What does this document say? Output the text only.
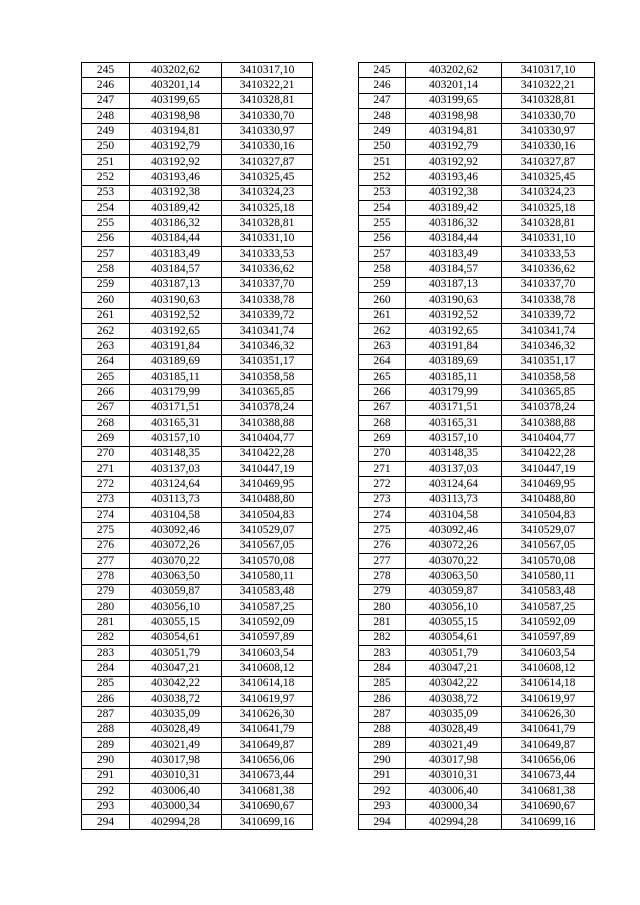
245	403202,62	3410317,10
246	403201,14	3410322,21
247	403199,65	3410328,81
248	403198,98	3410330,70
249	403194,81	3410330,97
250	403192,79	3410330,16
251	403192,92	3410327,87
252	403193,46	3410325,45
253	403192,38	3410324,23
254	403189,42	3410325,18
255	403186,32	3410328,81
256	403184,44	3410331,10
257	403183,49	3410333,53
258	403184,57	3410336,62
259	403187,13	3410337,70
260	403190,63	3410338,78
261	403192,52	3410339,72
262	403192,65	3410341,74
263	403191,84	3410346,32
264	403189,69	3410351,17
265	403185,11	3410358,58
266	403179,99	3410365,85
267	403171,51	3410378,24
268	403165,31	3410388,88
269	403157,10	3410404,77
270	403148,35	3410422,28
271	403137,03	3410447,19
272	403124,64	3410469,95
273	403113,73	3410488,80
274	403104,58	3410504,83
275	403092,46	3410529,07
276	403072,26	3410567,05
277	403070,22	3410570,08
278	403063,50	3410580,11
279	403059,87	3410583,48
280	403056,10	3410587,25
281	403055,15	3410592,09
282	403054,61	3410597,89
283	403051,79	3410603,54
284	403047,21	3410608,12
285	403042,22	3410614,18
286	403038,72	3410619,97
287	403035,09	3410626,30
288	403028,49	3410641,79
289	403021,49	3410649,87
290	403017,98	3410656,06
291	403010,31	3410673,44
292	403006,40	3410681,38
293	403000,34	3410690,67
294	402994,28	3410699,16
245	403202,62	3410317,10
246	403201,14	3410322,21
247	403199,65	3410328,81
248	403198,98	3410330,70
249	403194,81	3410330,97
250	403192,79	3410330,16
251	403192,92	3410327,87
252	403193,46	3410325,45
253	403192,38	3410324,23
254	403189,42	3410325,18
255	403186,32	3410328,81
256	403184,44	3410331,10
257	403183,49	3410333,53
258	403184,57	3410336,62
259	403187,13	3410337,70
260	403190,63	3410338,78
261	403192,52	3410339,72
262	403192,65	3410341,74
263	403191,84	3410346,32
264	403189,69	3410351,17
265	403185,11	3410358,58
266	403179,99	3410365,85
267	403171,51	3410378,24
268	403165,31	3410388,88
269	403157,10	3410404,77
270	403148,35	3410422,28
271	403137,03	3410447,19
272	403124,64	3410469,95
273	403113,73	3410488,80
274	403104,58	3410504,83
275	403092,46	3410529,07
276	403072,26	3410567,05
277	403070,22	3410570,08
278	403063,50	3410580,11
279	403059,87	3410583,48
280	403056,10	3410587,25
281	403055,15	3410592,09
282	403054,61	3410597,89
283	403051,79	3410603,54
284	403047,21	3410608,12
285	403042,22	3410614,18
286	403038,72	3410619,97
287	403035,09	3410626,30
288	403028,49	3410641,79
289	403021,49	3410649,87
290	403017,98	3410656,06
291	403010,31	3410673,44
292	403006,40	3410681,38
293	403000,34	3410690,67
294	402994,28	3410699,16
